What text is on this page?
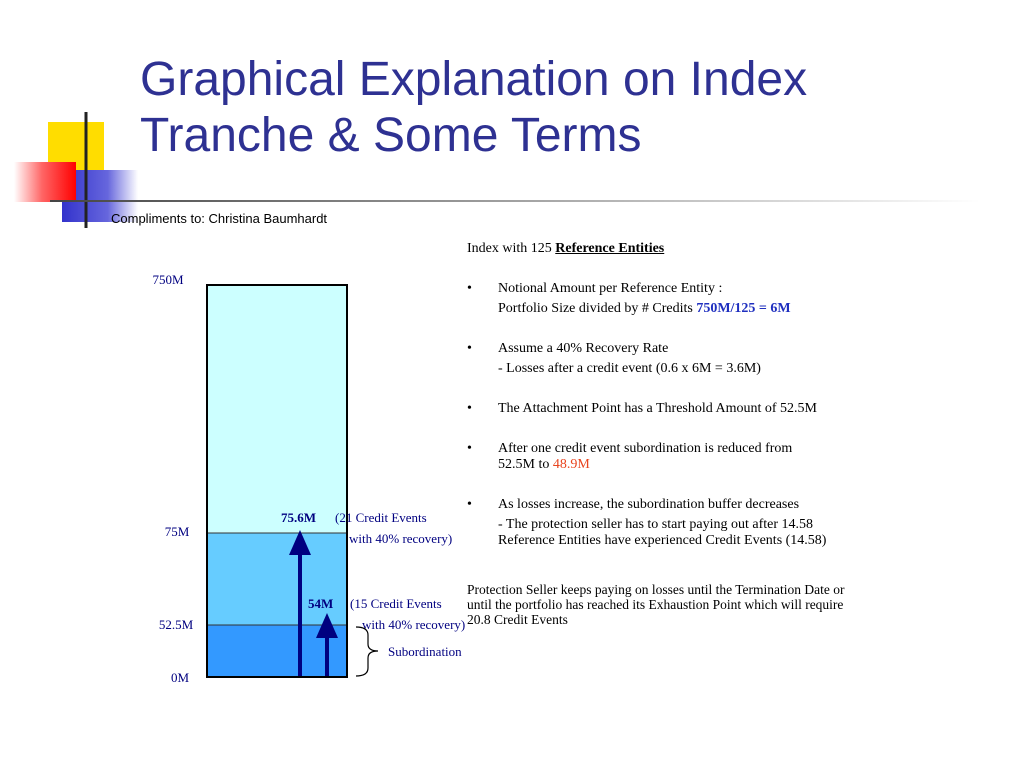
Graphical Explanation on Index
Tranche & Some Terms
Compliments to: Christina Baumhardt
750M
75M
52.5M
0M
75.6M (21 Credit Events
with 40% recovery)
54M (15 Credit Events
with 40% recovery)
Subordination

Index with 125 Reference Entities

• Notional Amount per Reference Entity :
Portfolio Size divided by # Credits 750M/125 = 6M
• Assume a 40% Recovery Rate
- Losses after a credit event (0.6 x 6M = 3.6M)
• The Attachment Point has a Threshold Amount of 52.5M
• After one credit event subordination is reduced from
52.5M to 48.9M
• As losses increase, the subordination buffer decreases
- The protection seller has to start paying out after 14.58 Reference Entities have experienced Credit Events (14.58)

Protection Seller keeps paying on losses until the Termination Date or until the portfolio has reached its Exhaustion Point which will require 20.8 Credit Events
